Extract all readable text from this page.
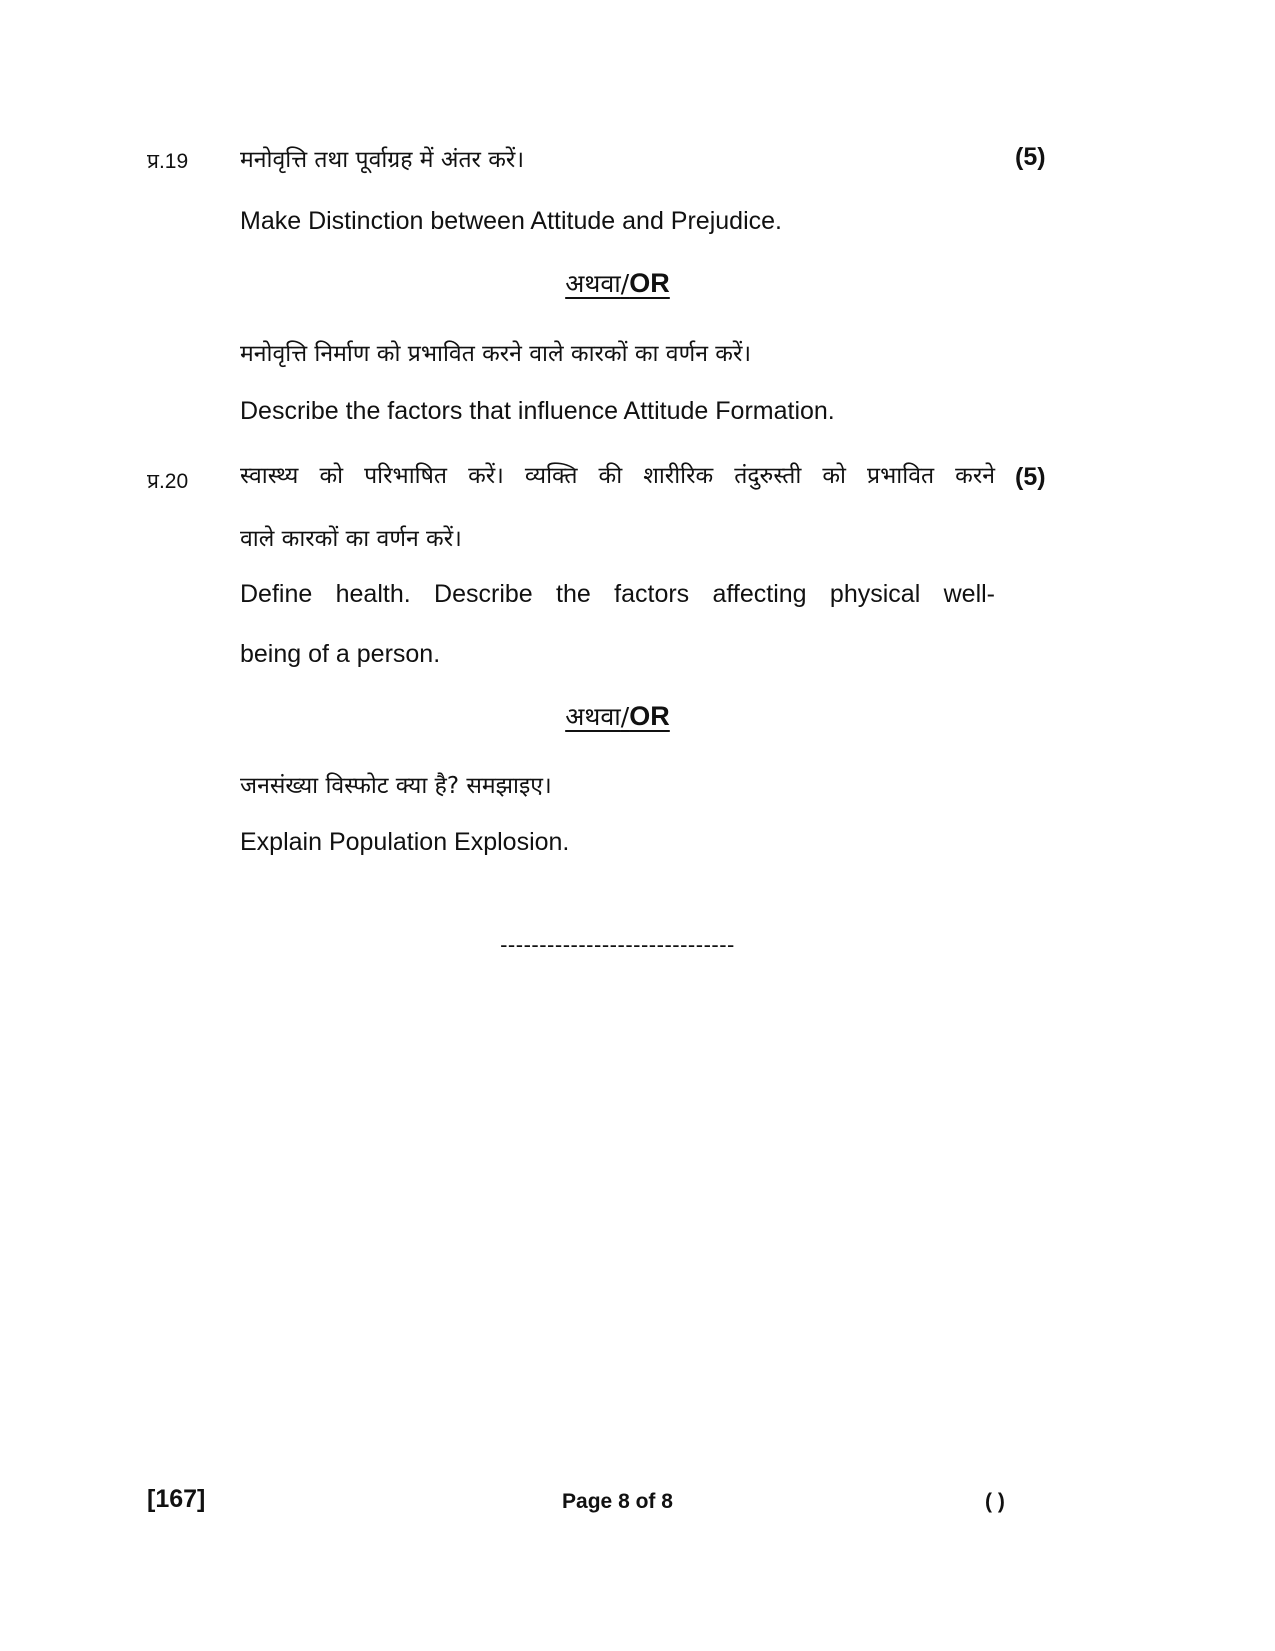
प्र.19 मनोवृत्ति तथा पूर्वाग्रह में अंतर करें।	(5)
Make Distinction between Attitude and Prejudice.
अथवा/OR
मनोवृत्ति निर्माण को प्रभावित करने वाले कारकों का वर्णन करें।
Describe the factors that influence Attitude Formation.
प्र.20 स्वास्थ्य को परिभाषित करें। व्यक्ति की शारीरिक तंदुरुस्ती को प्रभावित करने (5)
वाले कारकों का वर्णन करें।
Define health. Describe the factors affecting physical well-
being of a person.
अथवा/OR
जनसंख्या विस्फोट क्या है? समझाइए।
Explain Population Explosion.
------------------------------
[167]	Page 8 of 8	( )
